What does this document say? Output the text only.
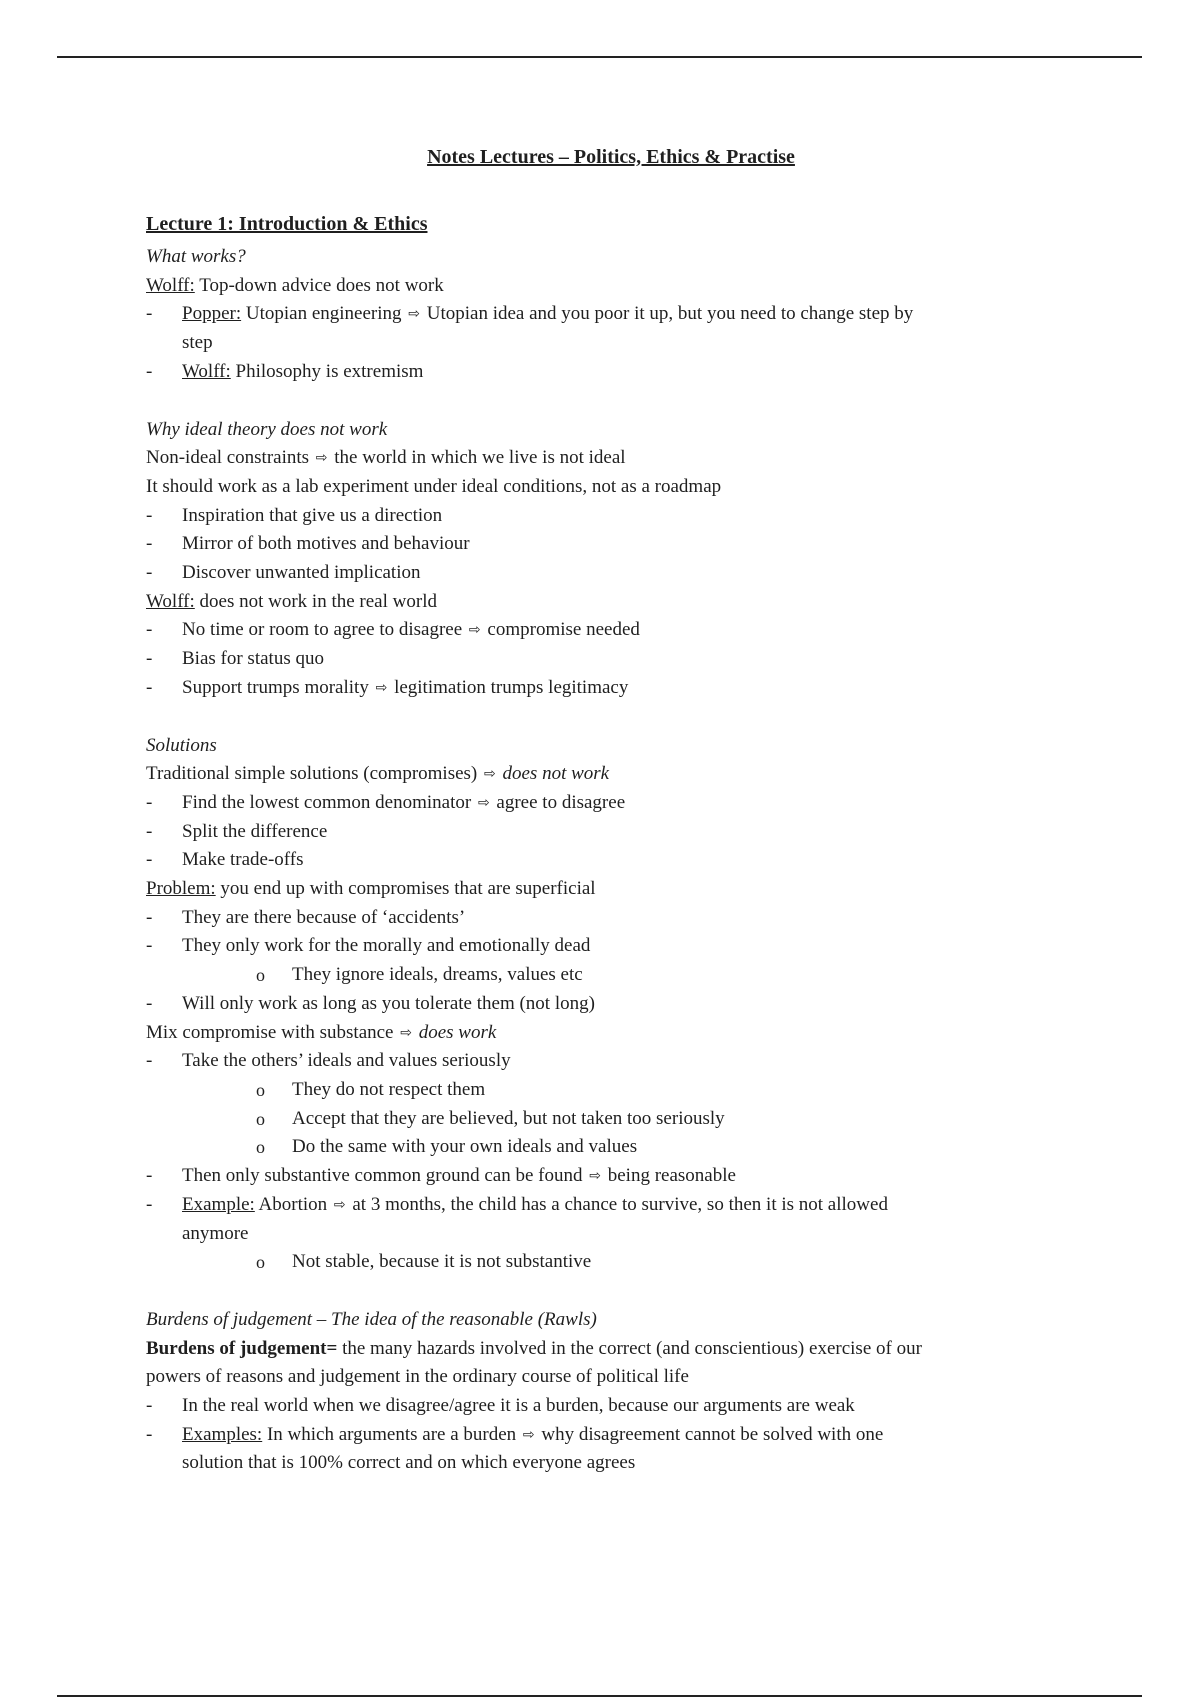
Notes Lectures – Politics, Ethics & Practise

Lecture 1: Introduction & Ethics

What works?

Wolff: Top-down advice does not work

- Popper: Utopian engineering ⇨ Utopian idea and you poor it up, but you need to change step by
step

- Wolff: Philosophy is extremism

Why ideal theory does not work

Non-ideal constraints ⇨ the world in which we live is not ideal

It should work as a lab experiment under ideal conditions, not as a roadmap

- Inspiration that give us a direction

- Mirror of both motives and behaviour

- Discover unwanted implication

Wolff: does not work in the real world

- No time or room to agree to disagree ⇨ compromise needed

- Bias for status quo

- Support trumps morality ⇨ legitimation trumps legitimacy

Solutions

Traditional simple solutions (compromises) ⇨ does not work

- Find the lowest common denominator ⇨ agree to disagree

- Split the difference

- Make trade-offs

Problem: you end up with compromises that are superficial

- They are there because of ‘accidents’

- They only work for the morally and emotionally dead

o They ignore ideals, dreams, values etc

- Will only work as long as you tolerate them (not long)

Mix compromise with substance ⇨ does work

- Take the others’ ideals and values seriously

o They do not respect them

o Accept that they are believed, but not taken too seriously

o Do the same with your own ideals and values

- Then only substantive common ground can be found ⇨ being reasonable

- Example: Abortion ⇨ at 3 months, the child has a chance to survive, so then it is not allowed
anymore

o Not stable, because it is not substantive

Burdens of judgement – The idea of the reasonable (Rawls)

Burdens of judgement= the many hazards involved in the correct (and conscientious) exercise of our
powers of reasons and judgement in the ordinary course of political life

- In the real world when we disagree/agree it is a burden, because our arguments are weak

- Examples: In which arguments are a burden ⇨ why disagreement cannot be solved with one
solution that is 100% correct and on which everyone agrees
